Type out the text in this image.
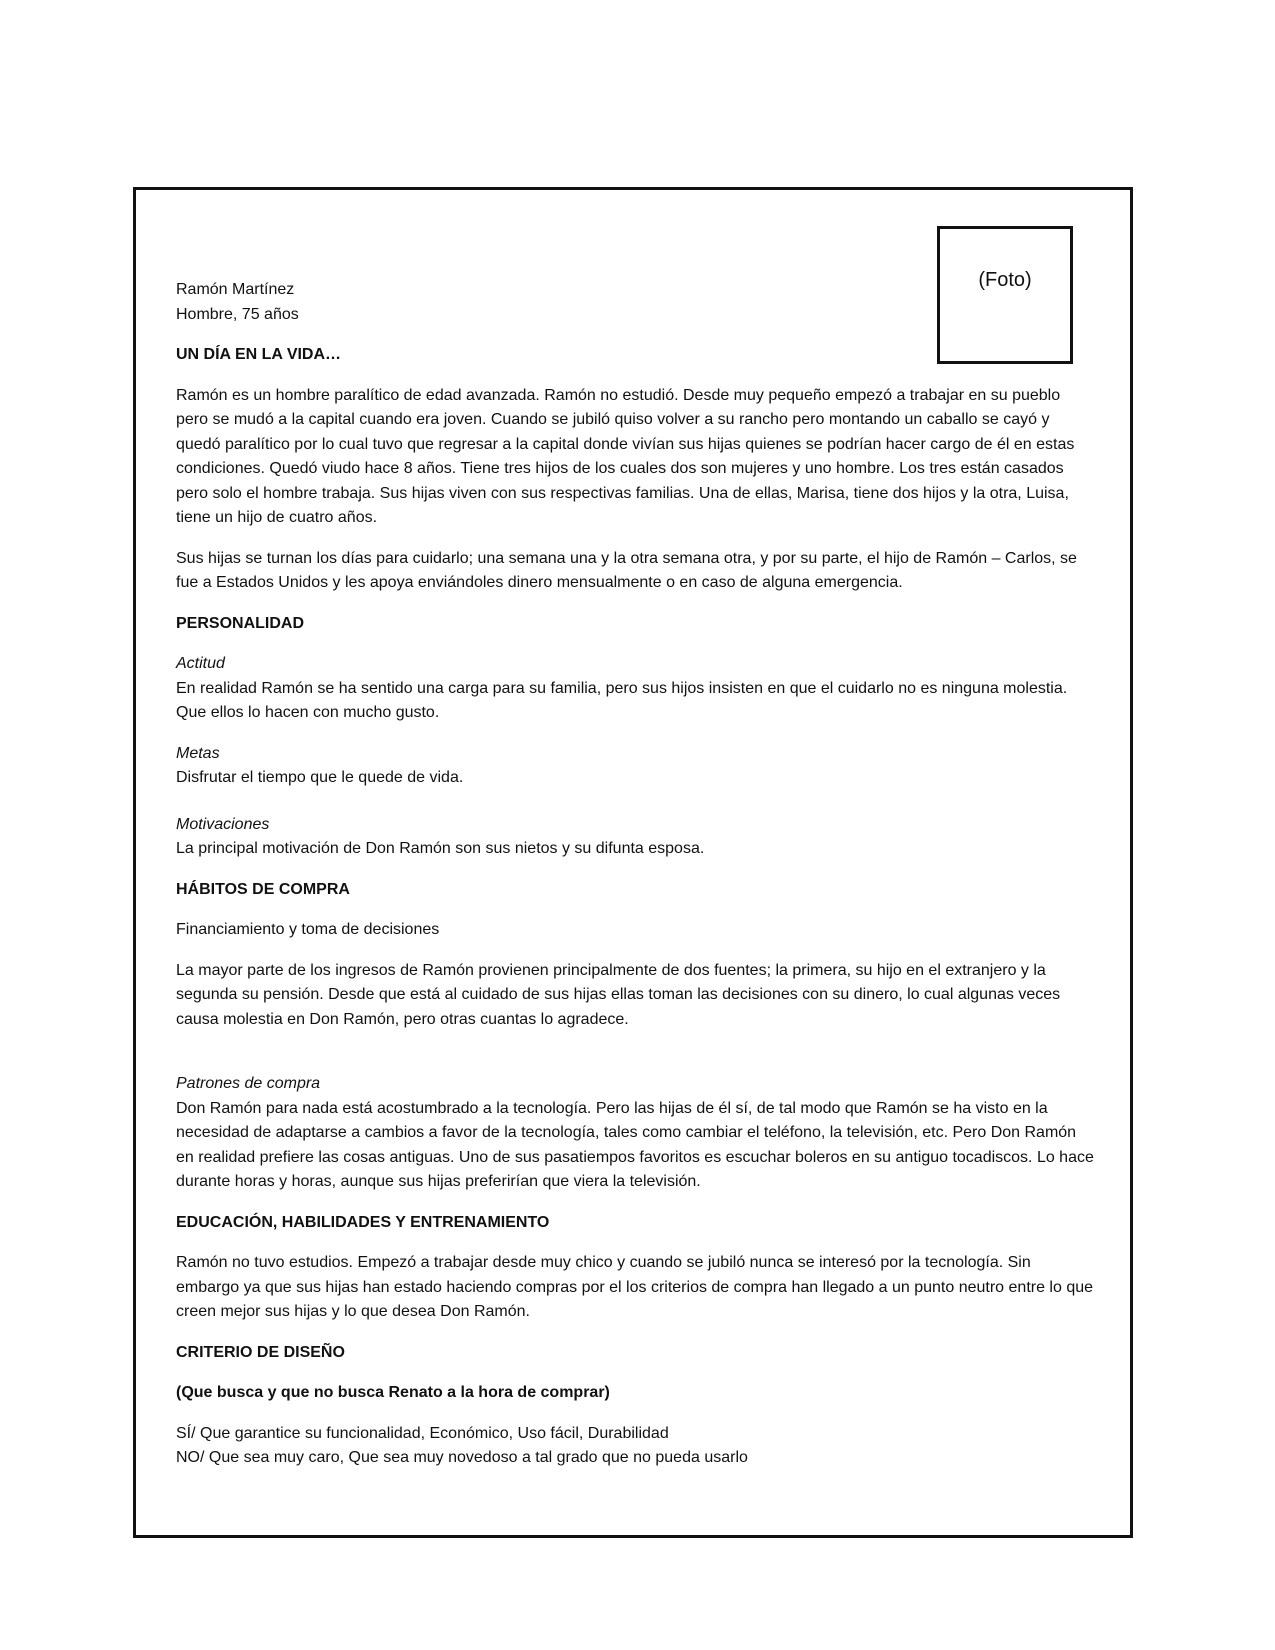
(Foto)

Ramón Martínez

Hombre, 75 años

UN DÍA EN LA VIDA…

Ramón es un hombre paralítico de edad avanzada. Ramón no estudió. Desde muy pequeño empezó a trabajar en su pueblo pero se mudó a la capital cuando era joven. Cuando se jubiló quiso volver a su rancho pero montando un caballo se cayó y quedó paralítico por lo cual tuvo que regresar a la capital donde vivían sus hijas quienes se podrían hacer cargo de él en estas condiciones. Quedó viudo hace 8 años. Tiene tres hijos de los cuales dos son mujeres y uno hombre. Los tres están casados pero solo el hombre trabaja. Sus hijas viven con sus respectivas familias. Una de ellas, Marisa, tiene dos hijos y la otra, Luisa, tiene un hijo de cuatro años.

Sus hijas se turnan los días para cuidarlo; una semana una y la otra semana otra, y por su parte, el hijo de Ramón – Carlos, se fue a Estados Unidos y les apoya enviándoles dinero mensualmente o en caso de alguna emergencia.

PERSONALIDAD

Actitud

En realidad Ramón se ha sentido una carga para su familia, pero sus hijos insisten en que el cuidarlo no es ninguna molestia. Que ellos lo hacen con mucho gusto.

Metas

Disfrutar el tiempo que le quede de vida.

Motivaciones

La principal motivación de Don Ramón son sus nietos y su difunta esposa.

HÁBITOS DE COMPRA

Financiamiento y toma de decisiones

La mayor parte de los ingresos de Ramón provienen principalmente de dos fuentes; la primera, su hijo en el extranjero y la segunda su pensión. Desde que está al cuidado de sus hijas ellas toman las decisiones con su dinero, lo cual algunas veces causa molestia en Don Ramón, pero otras cuantas lo agradece.

Patrones de compra

Don Ramón para nada está acostumbrado a la tecnología. Pero las hijas de él sí, de tal modo que Ramón se ha visto en la necesidad de adaptarse a cambios a favor de la tecnología, tales como cambiar el teléfono, la televisión, etc. Pero Don Ramón en realidad prefiere las cosas antiguas. Uno de sus pasatiempos favoritos es escuchar boleros en su antiguo tocadiscos. Lo hace durante horas y horas, aunque sus hijas preferirían que viera la televisión.

EDUCACIÓN, HABILIDADES Y ENTRENAMIENTO

Ramón no tuvo estudios. Empezó a trabajar desde muy chico y cuando se jubiló nunca se interesó por la tecnología. Sin embargo ya que sus hijas han estado haciendo compras por el los criterios de compra han llegado a un punto neutro entre lo que creen mejor sus hijas y lo que desea Don Ramón.

CRITERIO DE DISEÑO

(Que busca y que no busca Renato a la hora de comprar)

SÍ/ Que garantice su funcionalidad, Económico, Uso fácil, Durabilidad

NO/ Que sea muy caro, Que sea muy novedoso a tal grado que no pueda usarlo
